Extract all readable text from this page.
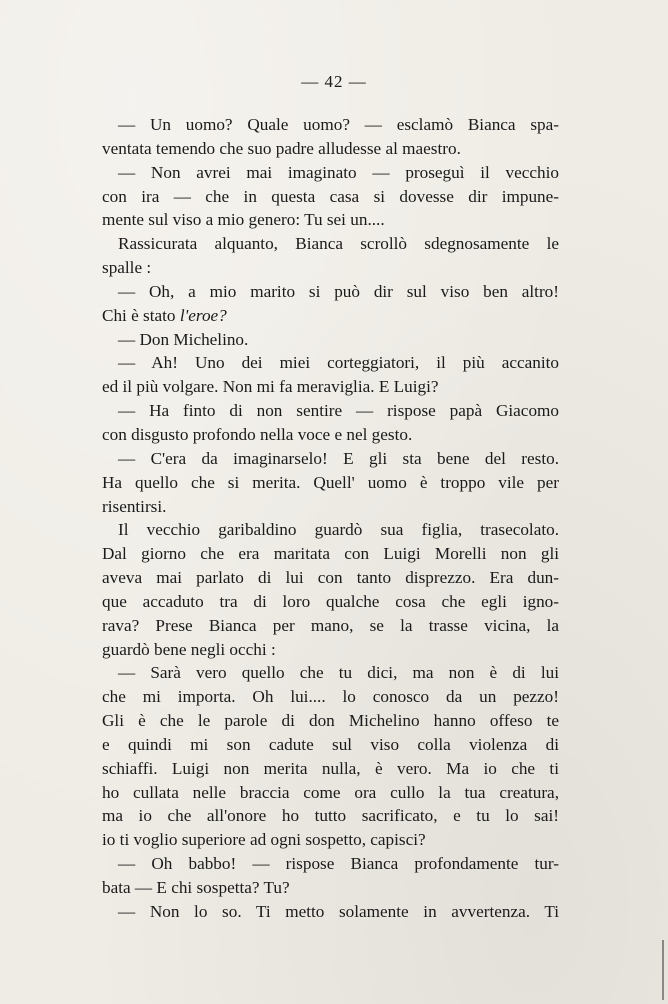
— 42 —
— Un uomo? Quale uomo? — esclamò Bianca spa-
ventata temendo che suo padre alludesse al maestro.
— Non avrei mai imaginato — proseguì il vecchio
con ira — che in questa casa si dovesse dir impune-
mente sul viso a mio genero: Tu sei un....
Rassicurata alquanto, Bianca scrollò sdegnosamente le
spalle :
— Oh, a mio marito si può dir sul viso ben altro!
Chi è stato l'eroe?
— Don Michelino.
— Ah! Uno dei miei corteggiatori, il più accanito
ed il più volgare. Non mi fa meraviglia. E Luigi?
— Ha finto di non sentire — rispose papà Giacomo
con disgusto profondo nella voce e nel gesto.
— C'era da imaginarselo! E gli sta bene del resto.
Ha quello che si merita. Quell' uomo è troppo vile per
risentirsi.
Il vecchio garibaldino guardò sua figlia, trasecolato.
Dal giorno che era maritata con Luigi Morelli non gli
aveva mai parlato di lui con tanto disprezzo. Era dun-
que accaduto tra di loro qualche cosa che egli igno-
rava? Prese Bianca per mano, se la trasse vicina, la
guardò bene negli occhi :
— Sarà vero quello che tu dici, ma non è di lui
che mi importa. Oh lui.... lo conosco da un pezzo!
Gli è che le parole di don Michelino hanno offeso te
e quindi mi son cadute sul viso colla violenza di
schiaffi. Luigi non merita nulla, è vero. Ma io che ti
ho cullata nelle braccia come ora cullo la tua creatura,
ma io che all'onore ho tutto sacrificato, e tu lo sai!
io ti voglio superiore ad ogni sospetto, capisci?
— Oh babbo! — rispose Bianca profondamente tur-
bata — E chi sospetta? Tu?
— Non lo so. Ti metto solamente in avvertenza. Ti
